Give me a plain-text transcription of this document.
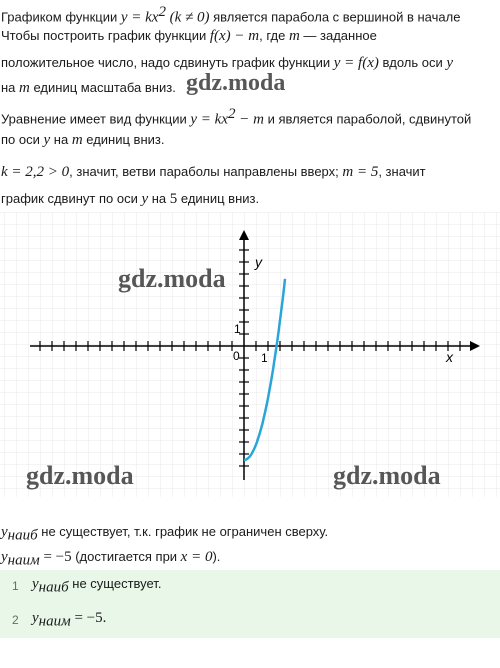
Графиком функции $y = kx^2$ (k ≠ 0) является парабола с вершиной в начале
Чтобы построить график функции f(x) − m, где m — заданное
положительное число, надо сдвинуть график функции y = f(x) вдоль оси y
на m единиц масштаба вниз.
Уравнение имеет вид функции $y = kx^2 - m$ и является параболой, сдвинутой
по оси y на m единиц вниз.
k = 2,2 > 0, значит, ветви параболы направлены вверх; m = 5, значит
график сдвинут по оси y на 5 единиц вниз.
x
y
0 1
1
gdz.moda
gdz.moda
gdz.moda	gdz.moda
$y_{наиб}$ не существует, т.к. график не ограничен сверху.
$y_{наим} = -5$ (достигается при x = 0).
1 $y_{наиб}$ не существует.
2 $y_{наим} = -5$.
